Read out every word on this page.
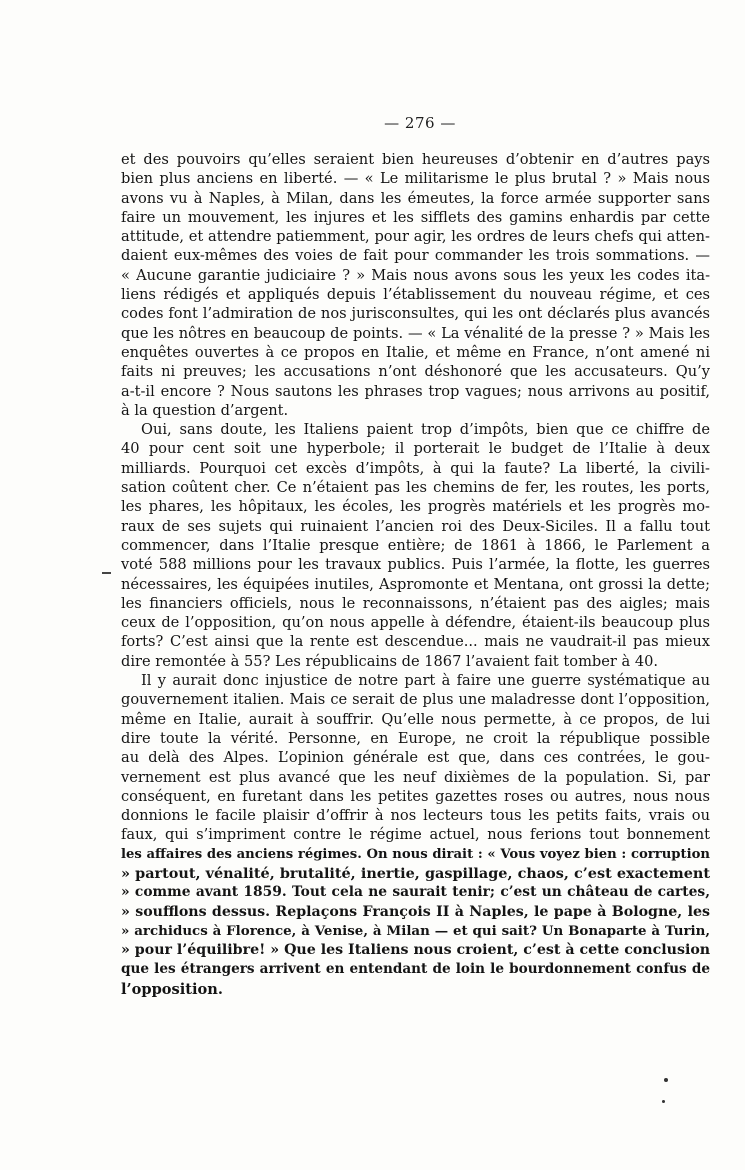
— 276 —
et des pouvoirs qu’elles seraient bien heureuses d’obtenir en d’autres pays
bien plus anciens en liberté. — « Le militarisme le plus brutal ? » Mais nous
avons vu à Naples, à Milan, dans les émeutes, la force armée supporter sans
faire un mouvement, les injures et les sifflets des gamins enhardis par cette
attitude, et attendre patiemment, pour agir, les ordres de leurs chefs qui atten-
daient eux-mêmes des voies de fait pour commander les trois sommations. —
« Aucune garantie judiciaire ? » Mais nous avons sous les yeux les codes ita-
liens rédigés et appliqués depuis l’établissement du nouveau régime, et ces
codes font l’admiration de nos jurisconsultes, qui les ont déclarés plus avancés
que les nôtres en beaucoup de points. — « La vénalité de la presse ? » Mais les
enquêtes ouvertes à ce propos en Italie, et même en France, n’ont amené ni
faits ni preuves; les accusations n’ont déshonoré que les accusateurs. Qu’y
a-t-il encore ? Nous sautons les phrases trop vagues; nous arrivons au positif,
à la question d’argent.
Oui, sans doute, les Italiens paient trop d’impôts, bien que ce chiffre de
40 pour cent soit une hyperbole; il porterait le budget de l’Italie à deux
milliards. Pourquoi cet excès d’impôts, à qui la faute? La liberté, la civili-
sation coûtent cher. Ce n’étaient pas les chemins de fer, les routes, les ports,
les phares, les hôpitaux, les écoles, les progrès matériels et les progrès mo-
raux de ses sujets qui ruinaient l’ancien roi des Deux-Siciles. Il a fallu tout
commencer, dans l’Italie presque entière; de 1861 à 1866, le Parlement a
voté 588 millions pour les travaux publics. Puis l’armée, la flotte, les guerres
nécessaires, les équipées inutiles, Aspromonte et Mentana, ont grossi la dette;
les financiers officiels, nous le reconnaissons, n’étaient pas des aigles; mais
ceux de l’opposition, qu’on nous appelle à défendre, étaient-ils beaucoup plus
forts? C’est ainsi que la rente est descendue... mais ne vaudrait-il pas mieux
dire remontée à 55? Les républicains de 1867 l’avaient fait tomber à 40.
Il y aurait donc injustice de notre part à faire une guerre systématique au
gouvernement italien. Mais ce serait de plus une maladresse dont l’opposition,
même en Italie, aurait à souffrir. Qu’elle nous permette, à ce propos, de lui
dire toute la vérité. Personne, en Europe, ne croit la république possible
au delà des Alpes. L’opinion générale est que, dans ces contrées, le gou-
vernement est plus avancé que les neuf dixièmes de la population. Si, par
conséquent, en furetant dans les petites gazettes roses ou autres, nous nous
donnions le facile plaisir d’offrir à nos lecteurs tous les petits faits, vrais ou
faux, qui s’impriment contre le régime actuel, nous ferions tout bonnement
les affaires des anciens régimes. On nous dirait : « Vous voyez bien : corruption
» partout, vénalité, brutalité, inertie, gaspillage, chaos, c’est exactement
» comme avant 1859. Tout cela ne saurait tenir; c’est un château de cartes,
» soufflons dessus. Replaçons François II à Naples, le pape à Bologne, les
» archiducs à Florence, à Venise, à Milan — et qui sait? Un Bonaparte à Turin,
» pour l’équilibre! » Que les Italiens nous croient, c’est à cette conclusion
que les étrangers arrivent en entendant de loin le bourdonnement confus de
l’opposition.
